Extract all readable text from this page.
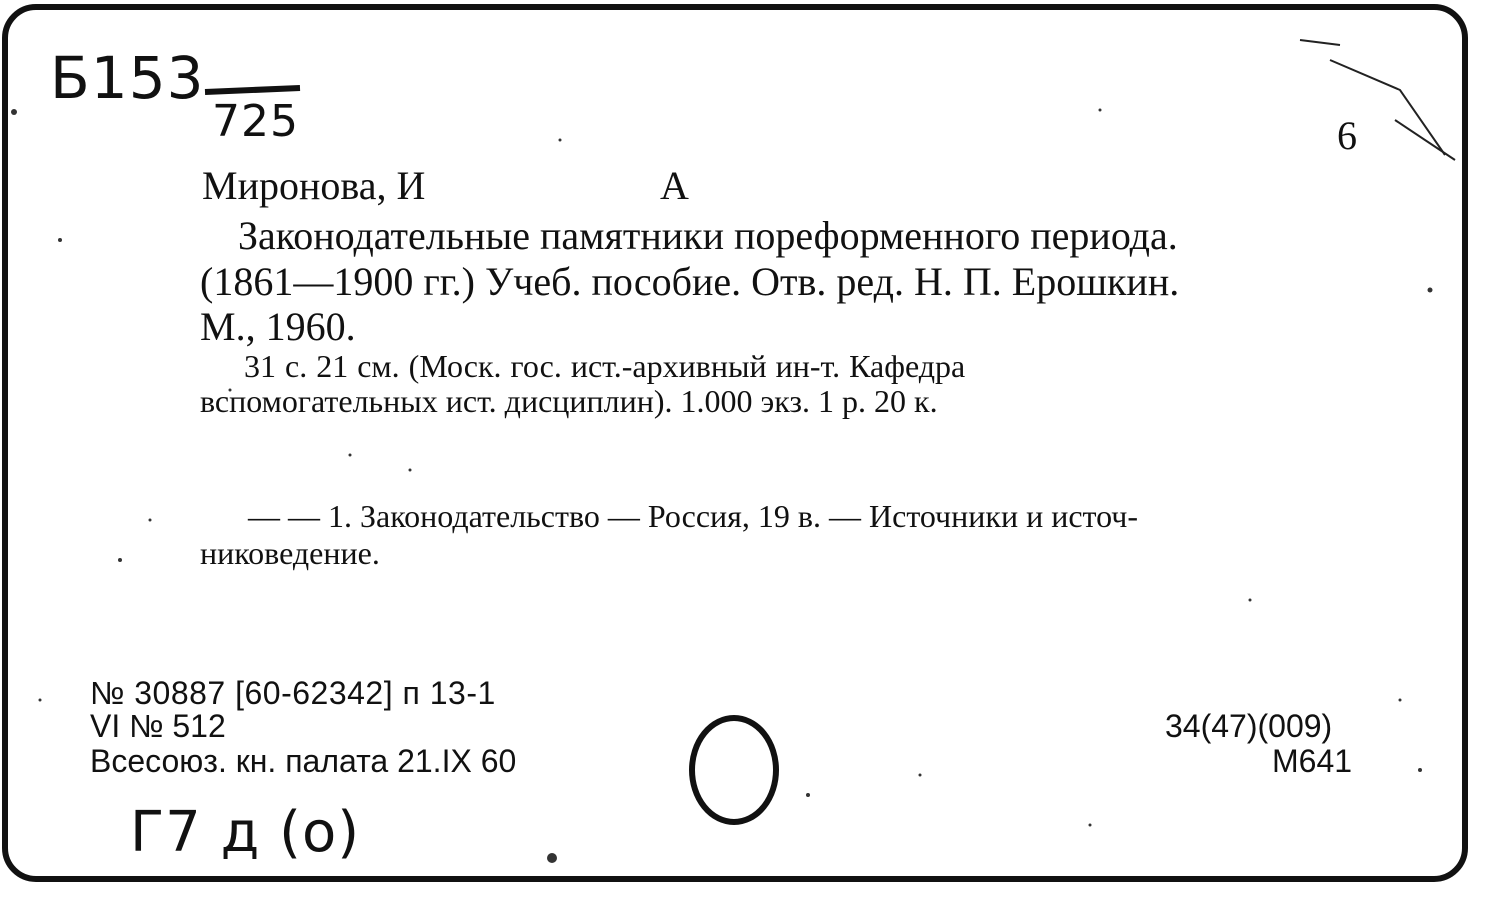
Б153
725	6
Миронова, И	А
Законодательные памятники пореформенного периода.
(1861—1900 гг.) Учеб. пособие. Отв. ред. Н. П. Ерошкин.
М., 1960.
31 с. 21 см. (Моск. гос. ист.-архивный ин-т. Кафедра
вспомогательных ист. дисциплин). 1.000 экз. 1 р. 20 к.
— — 1. Законодательство — Россия, 19 в. — Источники и источ-
никоведение.
№ 30887 [60-62342] п 13-1
VI № 512
Всесоюз. кн. палата 21.IX 60
34(47)(009)
М641
Г7 д (о)
